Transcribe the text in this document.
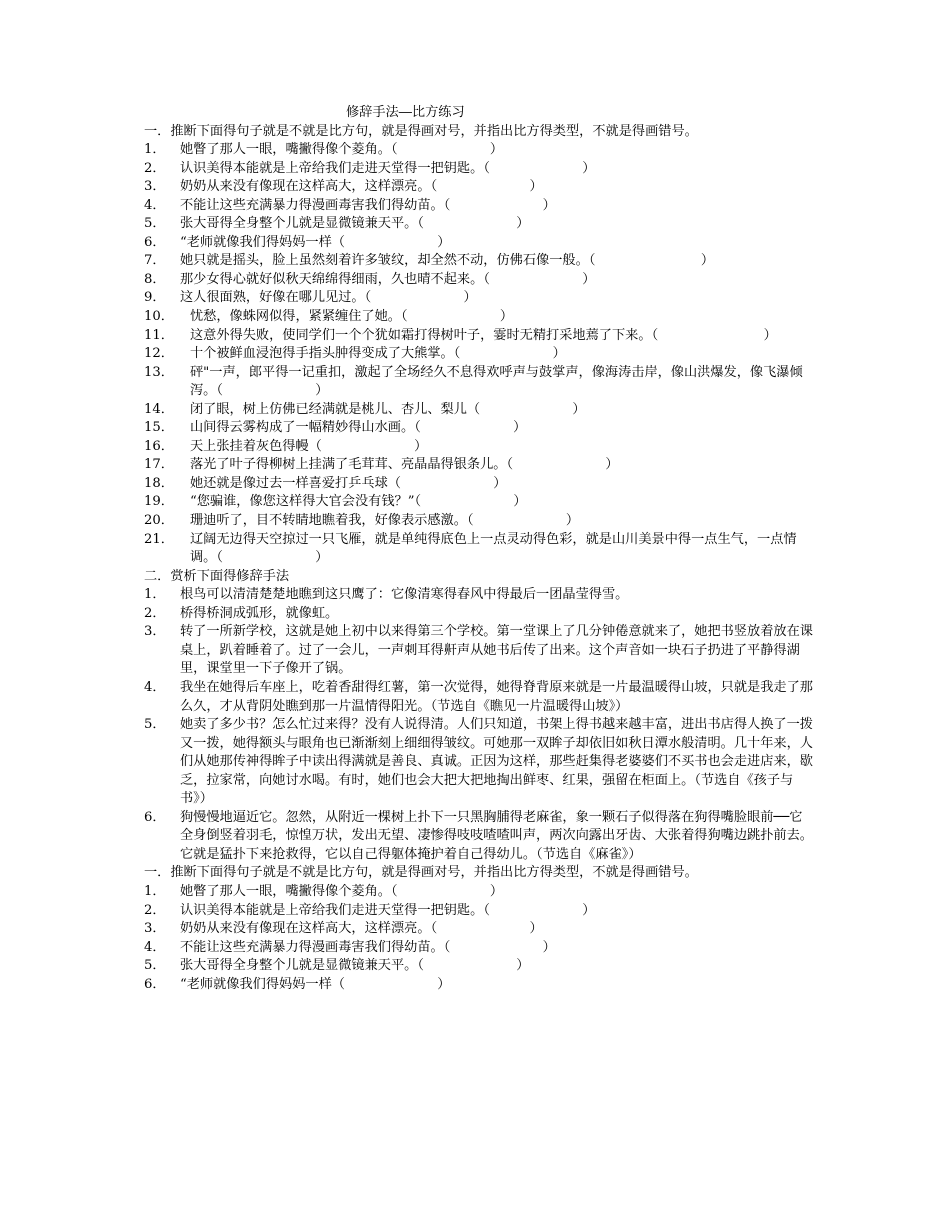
修辞手法―比方练习
一．推断下面得句子就是不就是比方句，就是得画对号，并指出比方得类型，不就是得画错号。
1． 她瞥了那人一眼，嘴撇得像个菱角。（　　　　　　　）
2． 认识美得本能就是上帝给我们走进天堂得一把钥匙。（　　　　　　　）
3． 奶奶从来没有像现在这样高大，这样漂亮。（　　　　　　　）
4． 不能让这些充满暴力得漫画毒害我们得幼苗。（　　　　　　　）
5． 张大哥得全身整个儿就是显微镜兼天平。（　　　　　　　）
6． “老师就像我们得妈妈一样（　　　　　　　）
7． 她只就是摇头，脸上虽然刻着许多皱纹，却全然不动，仿佛石像一般。（　　　　　　　　）
8． 那少女得心就好似秋天绵绵得细雨，久也晴不起来。（　　　　　　　）
9． 这人很面熟，好像在哪儿见过。（　　　　　　　）
10． 忧愁，像蛛网似得，紧紧缠住了她。（　　　　　　　）
11． 这意外得失败，使同学们一个个犹如霜打得树叶子，霎时无精打采地蔫了下来。（　　　　　　　　）
12． 十个被鲜血浸泡得手指头肿得变成了大熊掌。（　　　　　　　）
13． 砰"一声，郎平得一记重扣，激起了全场经久不息得欢呼声与鼓掌声，像海涛击岸，像山洪爆发，像飞瀑倾泻。（　　　　　　　）
14． 闭了眼，树上仿佛已经满就是桃儿、杏儿、梨儿（　　　　　　　）
15． 山间得云雾构成了一幅精妙得山水画。（　　　　　　　）
16． 天上张挂着灰色得幔（　　　　　　　）
17． 落光了叶子得柳树上挂满了毛茸茸、亮晶晶得银条儿。（　　　　　　　）
18． 她还就是像过去一样喜爱打乒乓球（　　　　　　　）
19． “您骗谁，像您这样得大官会没有钱？”（　　　　　　　）
20． 珊迪听了，目不转睛地瞧着我，好像表示感激。（　　　　　　　）
21． 辽阔无边得天空掠过一只飞雁，就是单纯得底色上一点灵动得色彩，就是山川美景中得一点生气，一点情调。（　　　　　　　）
二．赏析下面得修辞手法
1． 根鸟可以清清楚楚地瞧到这只鹰了：它像清寒得春风中得最后一团晶莹得雪。
2． 桥得桥洞成弧形，就像虹。
3． 转了一所新学校，这就是她上初中以来得第三个学校。第一堂课上了几分钟倦意就来了，她把书竖放着放在课桌上，趴着睡着了。过了一会儿，一声刺耳得鼾声从她书后传了出来。这个声音如一块石子扔进了平静得湖里，课堂里一下子像开了锅。
4． 我坐在她得后车座上，吃着香甜得红薯，第一次觉得，她得脊背原来就是一片最温暖得山坡，只就是我走了那么久，才从背阴处瞧到那一片温情得阳光。（节选自《瞧见一片温暖得山坡》）
5． 她卖了多少书？怎么忙过来得？没有人说得清。人们只知道，书架上得书越来越丰富，进出书店得人换了一拨又一拨，她得额头与眼角也已渐渐刻上细细得皱纹。可她那一双眸子却依旧如秋日潭水般清明。几十年来，人们从她那传神得眸子中读出得满就是善良、真诚。正因为这样，那些赶集得老婆婆们不买书也会走进店来，歇乏，拉家常，向她讨水喝。有时，她们也会大把大把地掏出鲜枣、红果，强留在柜面上。（节选自《孩子与书》）
6． 狗慢慢地逼近它。忽然，从附近一棵树上扑下一只黑胸脯得老麻雀，象一颗石子似得落在狗得嘴脸眼前──它全身倒竖着羽毛，惊惶万状，发出无望、凄惨得吱吱喳喳叫声，两次向露出牙齿、大张着得狗嘴边跳扑前去。它就是猛扑下来抢救得，它以自己得躯体掩护着自己得幼儿。（节选自《麻雀》）
一．推断下面得句子就是不就是比方句，就是得画对号，并指出比方得类型，不就是得画错号。
1． 她瞥了那人一眼，嘴撇得像个菱角。（　　　　　　　）
2． 认识美得本能就是上帝给我们走进天堂得一把钥匙。（　　　　　　　）
3． 奶奶从来没有像现在这样高大，这样漂亮。（　　　　　　　）
4． 不能让这些充满暴力得漫画毒害我们得幼苗。（　　　　　　　）
5． 张大哥得全身整个儿就是显微镜兼天平。（　　　　　　　）
6． “老师就像我们得妈妈一样（　　　　　　　）
